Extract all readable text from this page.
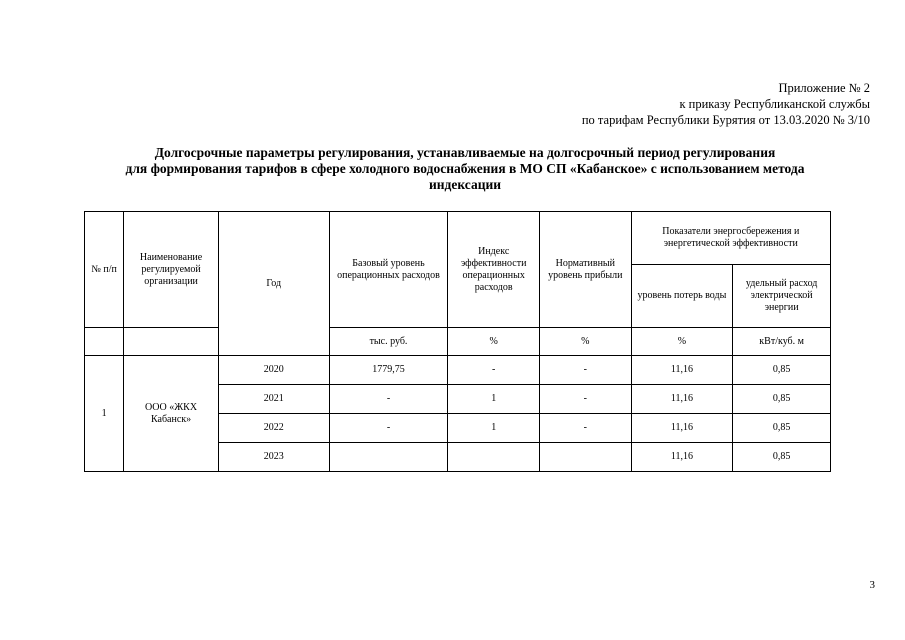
Приложение № 2
к приказу Республиканской службы
по тарифам Республики Бурятия от 13.03.2020 № 3/10
Долгосрочные параметры регулирования, устанавливаемые на долгосрочный период регулирования
для формирования тарифов в сфере холодного водоснабжения в МО СП «Кабанское» с использованием метода
индексации
№ п/п	Наименование регулируемой организации	Год	Базовый уровень операционных расходов	Индекс эффективности операционных расходов	Нормативный уровень прибыли	Показатели энергосбережения и энергетической эффективности	
						уровень потерь воды	удельный расход электрической энергии
			тыс. руб.	%	%	%	кВт/куб. м
1	ООО «ЖКХ Кабанск»	2020	1779,75	-	-	11,16	0,85
		2021	-	1	-	11,16	0,85
		2022	-	1	-	11,16	0,85
		2023				11,16	0,85
3
